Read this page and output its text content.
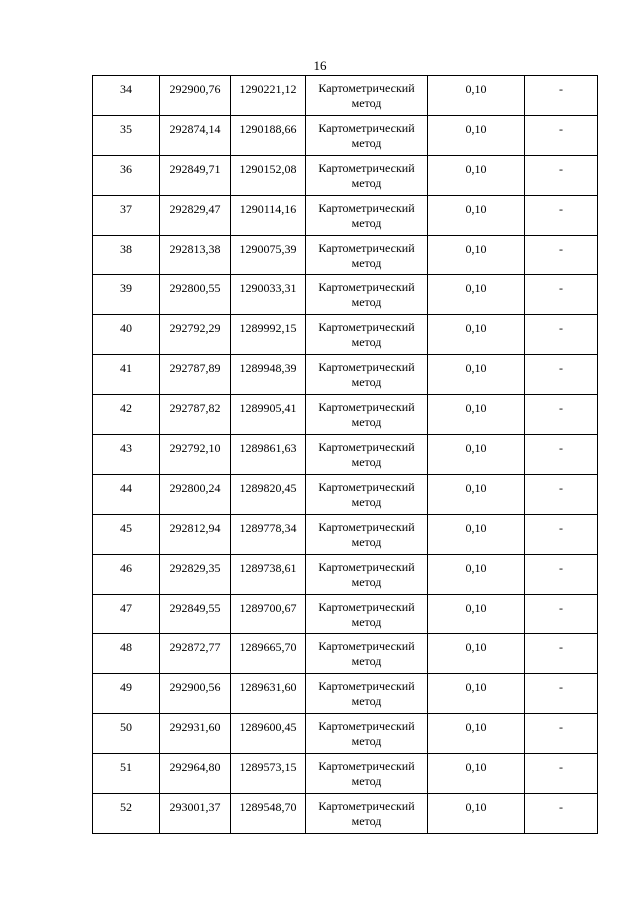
16
34	292900,76	1290221,12	Картометрический
метод	0,10	-

35	292874,14	1290188,66	Картометрический
метод	0,10	-

36	292849,71	1290152,08	Картометрический
метод	0,10	-

37	292829,47	1290114,16	Картометрический
метод	0,10	-

38	292813,38	1290075,39	Картометрический
метод	0,10	-

39	292800,55	1290033,31	Картометрический
метод	0,10	-

40	292792,29	1289992,15	Картометрический
метод	0,10	-

41	292787,89	1289948,39	Картометрический
метод	0,10	-

42	292787,82	1289905,41	Картометрический
метод	0,10	-

43	292792,10	1289861,63	Картометрический
метод	0,10	-

44	292800,24	1289820,45	Картометрический
метод	0,10	-

45	292812,94	1289778,34	Картометрический
метод	0,10	-

46	292829,35	1289738,61	Картометрический
метод	0,10	-

47	292849,55	1289700,67	Картометрический
метод	0,10	-

48	292872,77	1289665,70	Картометрический
метод	0,10	-

49	292900,56	1289631,60	Картометрический
метод	0,10	-

50	292931,60	1289600,45	Картометрический
метод	0,10	-

51	292964,80	1289573,15	Картометрический
метод	0,10	-

52	293001,37	1289548,70	Картометрический
метод	0,10	-
